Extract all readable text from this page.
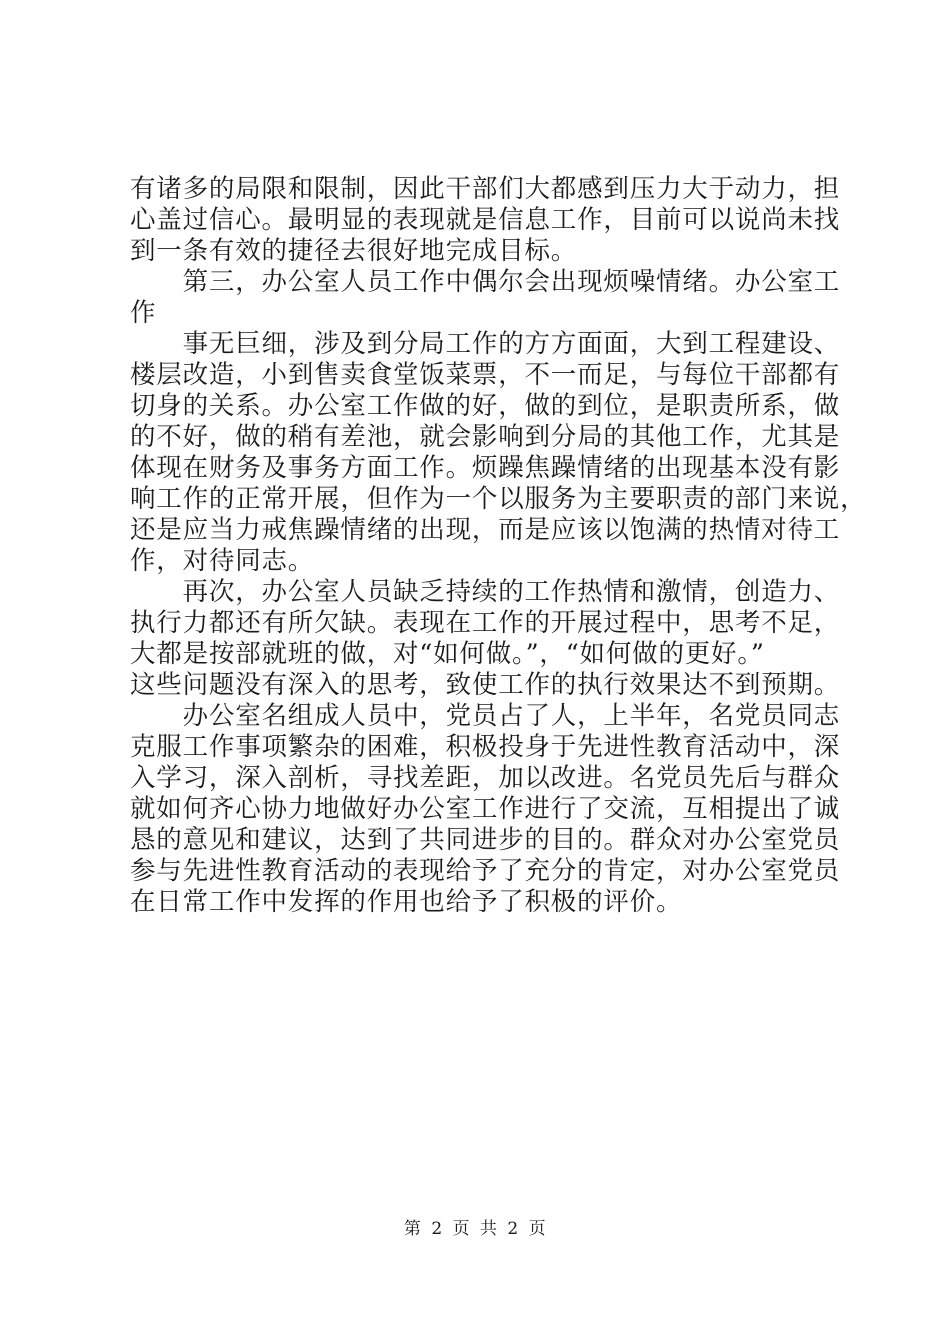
有诸多的局限和限制，因此干部们大都感到压力大于动力，担
心盖过信心。最明显的表现就是信息工作，目前可以说尚未找
到一条有效的捷径去很好地完成目标。
　　第三，办公室人员工作中偶尔会出现烦噪情绪。办公室工
作
　　事无巨细，涉及到分局工作的方方面面，大到工程建设、
楼层改造，小到售卖食堂饭菜票，不一而足，与每位干部都有
切身的关系。办公室工作做的好，做的到位，是职责所系，做
的不好，做的稍有差池，就会影响到分局的其他工作，尤其是
体现在财务及事务方面工作。烦躁焦躁情绪的出现基本没有影
响工作的正常开展，但作为一个以服务为主要职责的部门来说，
还是应当力戒焦躁情绪的出现，而是应该以饱满的热情对待工
作，对待同志。
　　再次，办公室人员缺乏持续的工作热情和激情，创造力、
执行力都还有所欠缺。表现在工作的开展过程中，思考不足，
大都是按部就班的做，对“如何做。”，“如何做的更好。”
这些问题没有深入的思考，致使工作的执行效果达不到预期。
　　办公室名组成人员中，党员占了人，上半年，名党员同志
克服工作事项繁杂的困难，积极投身于先进性教育活动中，深
入学习，深入剖析，寻找差距，加以改进。名党员先后与群众
就如何齐心协力地做好办公室工作进行了交流，互相提出了诚
恳的意见和建议，达到了共同进步的目的。群众对办公室党员
参与先进性教育活动的表现给予了充分的肯定，对办公室党员
在日常工作中发挥的作用也给予了积极的评价。
第 2 页 共 2 页
